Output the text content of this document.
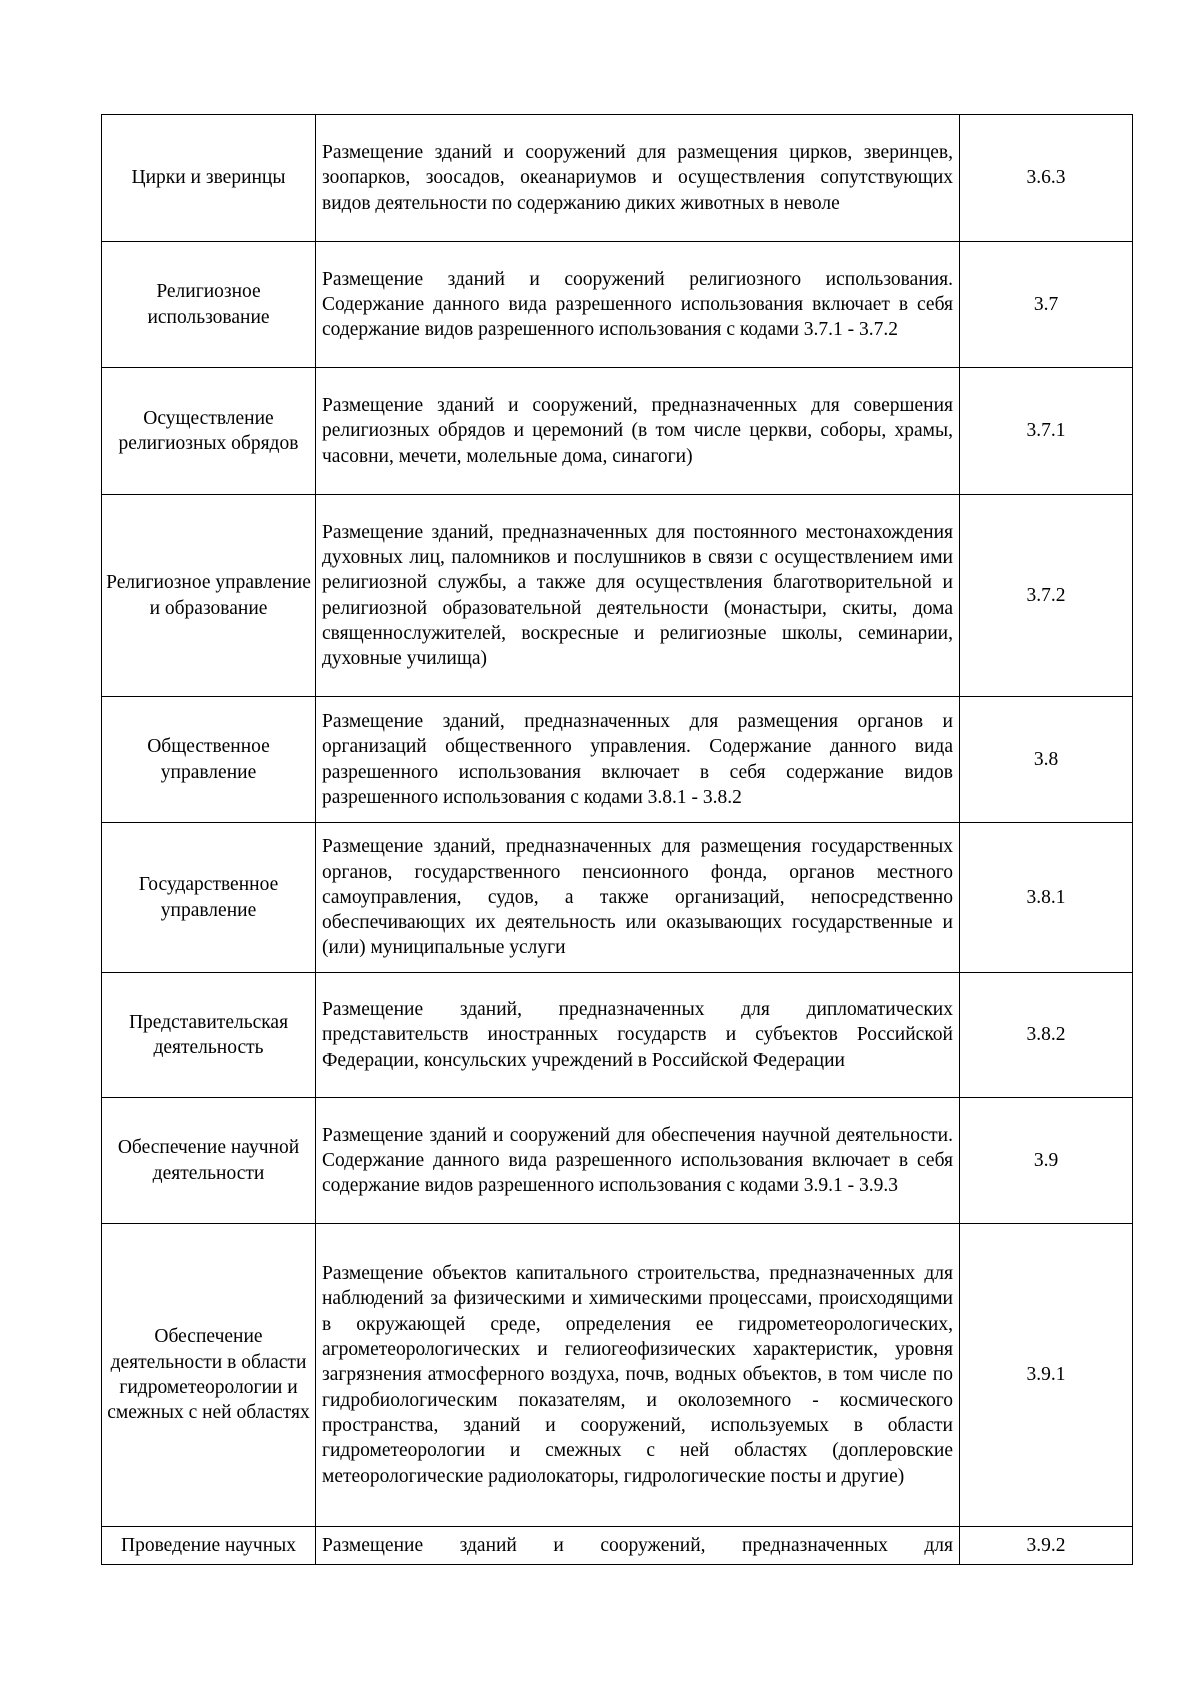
Цирки и зверинцы	Размещение зданий и сооружений для размещения цирков, зверинцев, зоопарков, зоосадов, океанариумов и осуществления сопутствующих видов деятельности по содержанию диких животных в неволе	3.6.3
Религиозное использование	Размещение зданий и сооружений религиозного использования. Содержание данного вида разрешенного использования включает в себя содержание видов разрешенного использования с кодами 3.7.1 - 3.7.2	3.7
Осуществление религиозных обрядов	Размещение зданий и сооружений, предназначенных для совершения религиозных обрядов и церемоний (в том числе церкви, соборы, храмы, часовни, мечети, молельные дома, синагоги)	3.7.1
Религиозное управление и образование	Размещение зданий, предназначенных для постоянного местонахождения духовных лиц, паломников и послушников в связи с осуществлением ими религиозной службы, а также для осуществления благотворительной и религиозной образовательной деятельности (монастыри, скиты, дома священнослужителей, воскресные и религиозные школы, семинарии, духовные училища)	3.7.2
Общественное управление	Размещение зданий, предназначенных для размещения органов и организаций общественного управления. Содержание данного вида разрешенного использования включает в себя содержание видов разрешенного использования с кодами 3.8.1 - 3.8.2	3.8
Государственное управление	Размещение зданий, предназначенных для размещения государственных органов, государственного пенсионного фонда, органов местного самоуправления, судов, а также организаций, непосредственно обеспечивающих их деятельность или оказывающих государственные и (или) муниципальные услуги	3.8.1
Представительская деятельность	Размещение зданий, предназначенных для дипломатических представительств иностранных государств и субъектов Российской Федерации, консульских учреждений в Российской Федерации	3.8.2
Обеспечение научной деятельности	Размещение зданий и сооружений для обеспечения научной деятельности. Содержание данного вида разрешенного использования включает в себя содержание видов разрешенного использования с кодами 3.9.1 - 3.9.3	3.9
Обеспечение деятельности в области гидрометеорологии и смежных с ней областях	Размещение объектов капитального строительства, предназначенных для наблюдений за физическими и химическими процессами, происходящими в окружающей среде, определения ее гидрометеорологических, агрометеорологических и гелиогеофизических характеристик, уровня загрязнения атмосферного воздуха, почв, водных объектов, в том числе по гидробиологическим показателям, и околоземного - космического пространства, зданий и сооружений, используемых в области гидрометеорологии и смежных с ней областях (доплеровские метеорологические радиолокаторы, гидрологические посты и другие)	3.9.1
Проведение научных	Размещение зданий и сооружений, предназначенных для	3.9.2
